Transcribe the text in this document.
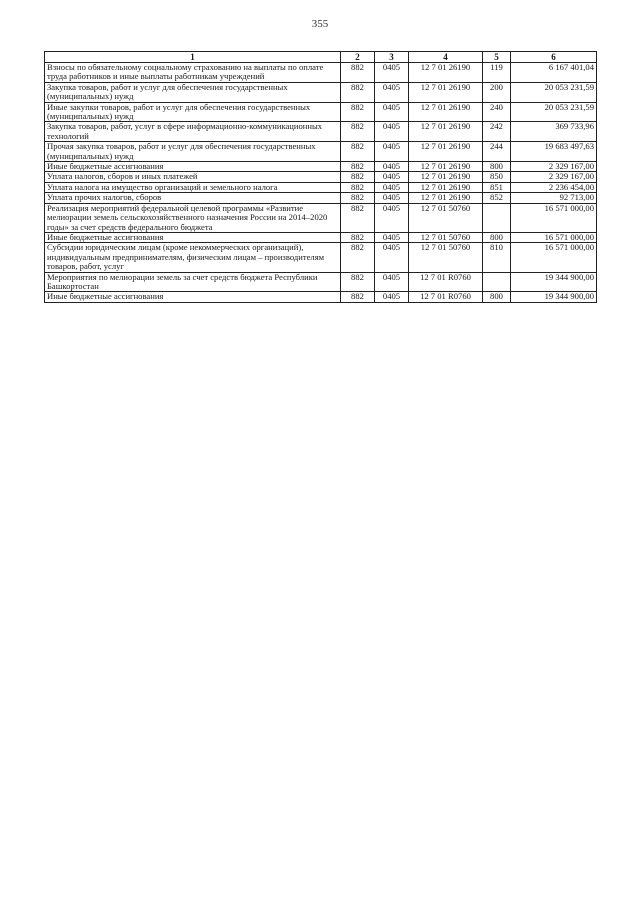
355
1	2	3	4	5	6
Взносы по обязательному социальному страхованию на выплаты по оплате труда работников и иные выплаты работникам учреждений	882	0405	12 7 01 26190	119	6 167 401,04
Закупка товаров, работ и услуг для обеспечения государственных (муниципальных) нужд	882	0405	12 7 01 26190	200	20 053 231,59
Иные закупки товаров, работ и услуг для обеспечения государственных (муниципальных) нужд	882	0405	12 7 01 26190	240	20 053 231,59
Закупка товаров, работ, услуг в сфере информационно-коммуникационных технологий	882	0405	12 7 01 26190	242	369 733,96
Прочая закупка товаров, работ и услуг для обеспечения государственных (муниципальных) нужд	882	0405	12 7 01 26190	244	19 683 497,63
Иные бюджетные ассигнования	882	0405	12 7 01 26190	800	2 329 167,00
Уплата налогов, сборов и иных платежей	882	0405	12 7 01 26190	850	2 329 167,00
Уплата налога на имущество организаций и земельного налога	882	0405	12 7 01 26190	851	2 236 454,00
Уплата прочих налогов, сборов	882	0405	12 7 01 26190	852	92 713,00
Реализация мероприятий федеральной целевой программы «Развитие мелиорации земель сельскохозяйственного назначения России на 2014–2020 годы» за счет средств федерального бюджета	882	0405	12 7 01 50760		16 571 000,00
Иные бюджетные ассигнования	882	0405	12 7 01 50760	800	16 571 000,00
Субсидии юридическим лицам (кроме некоммерческих организаций), индивидуальным предпринимателям, физическим лицам – производителям товаров, работ, услуг	882	0405	12 7 01 50760	810	16 571 000,00
Мероприятия по мелиорации земель за счет средств бюджета Республики Башкортостан	882	0405	12 7 01 R0760		19 344 900,00
Иные бюджетные ассигнования	882	0405	12 7 01 R0760	800	19 344 900,00
